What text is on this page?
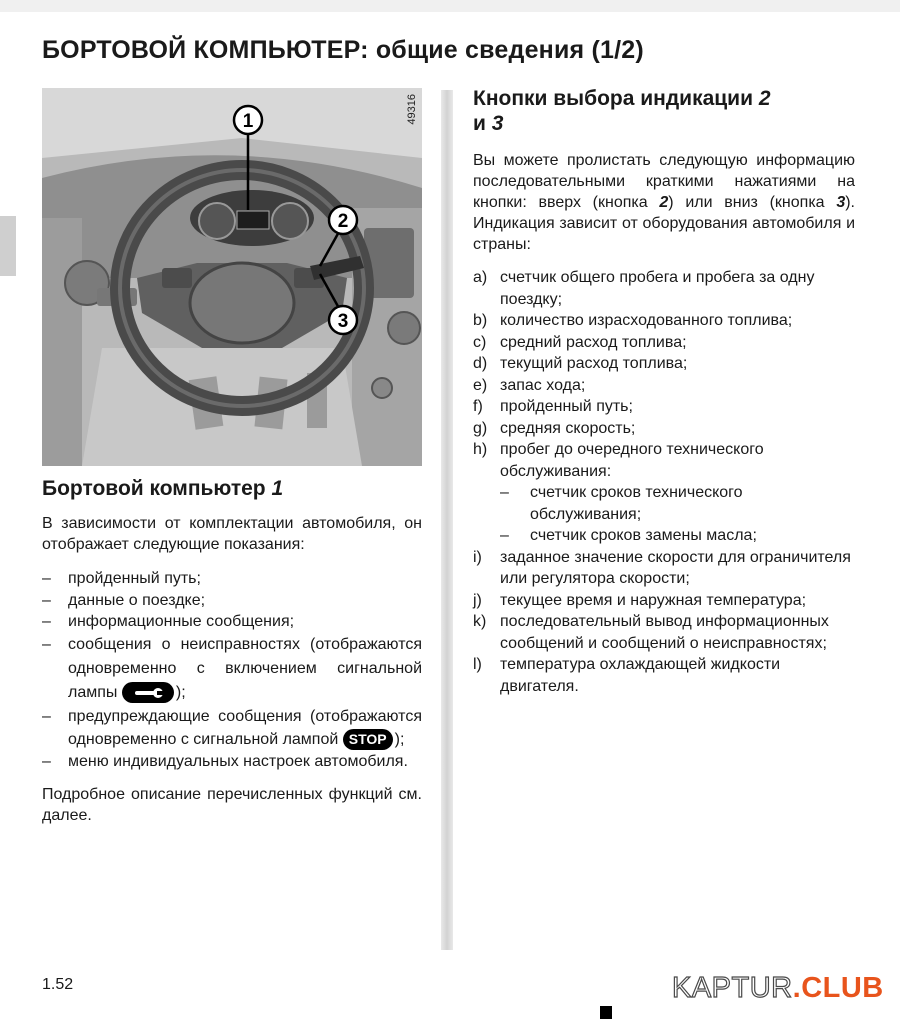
БОРТОВОЙ КОМПЬЮТЕР: общие сведения (1/2)
1
2
3
49316
Бортовой компьютер 1

В зависимости от комплектации автомобиля, он отображает следующие показания:

– пройденный путь;
– данные о поездке;
– информационные сообщения;
– сообщения о неисправностях (отображаются одновременно с включением сигнальной лампы	);
– предупреждающие сообщения (отображаются одновременно с сигнальной лампой STOP );
– меню индивидуальных настроек автомобиля.

Подробное описание перечисленных функций см. далее.

Кнопки выбора индикации 2
и 3

Вы можете пролистать следующую информацию последовательными краткими нажатиями на кнопки: вверх (кнопка 2) или вниз (кнопка 3). Индикация зависит от оборудования автомобиля и страны:

a) счетчик общего пробега и пробега за одну поездку;
b) количество израсходованного топлива;
c) средний расход топлива;
d) текущий расход топлива;
e) запас хода;
f) пройденный путь;
g) средняя скорость;
h) пробег до очередного технического обслуживания:
– счетчик сроков технического обслуживания;
– счетчик сроков замены масла;
i) заданное значение скорости для ограничителя или регулятора скорости;
j) текущее время и наружная температура;
k) последовательный вывод информационных сообщений и сообщений о неисправностях;
l) температура охлаждающей жидкости двигателя.
1.52	KAPTUR.CLUB
